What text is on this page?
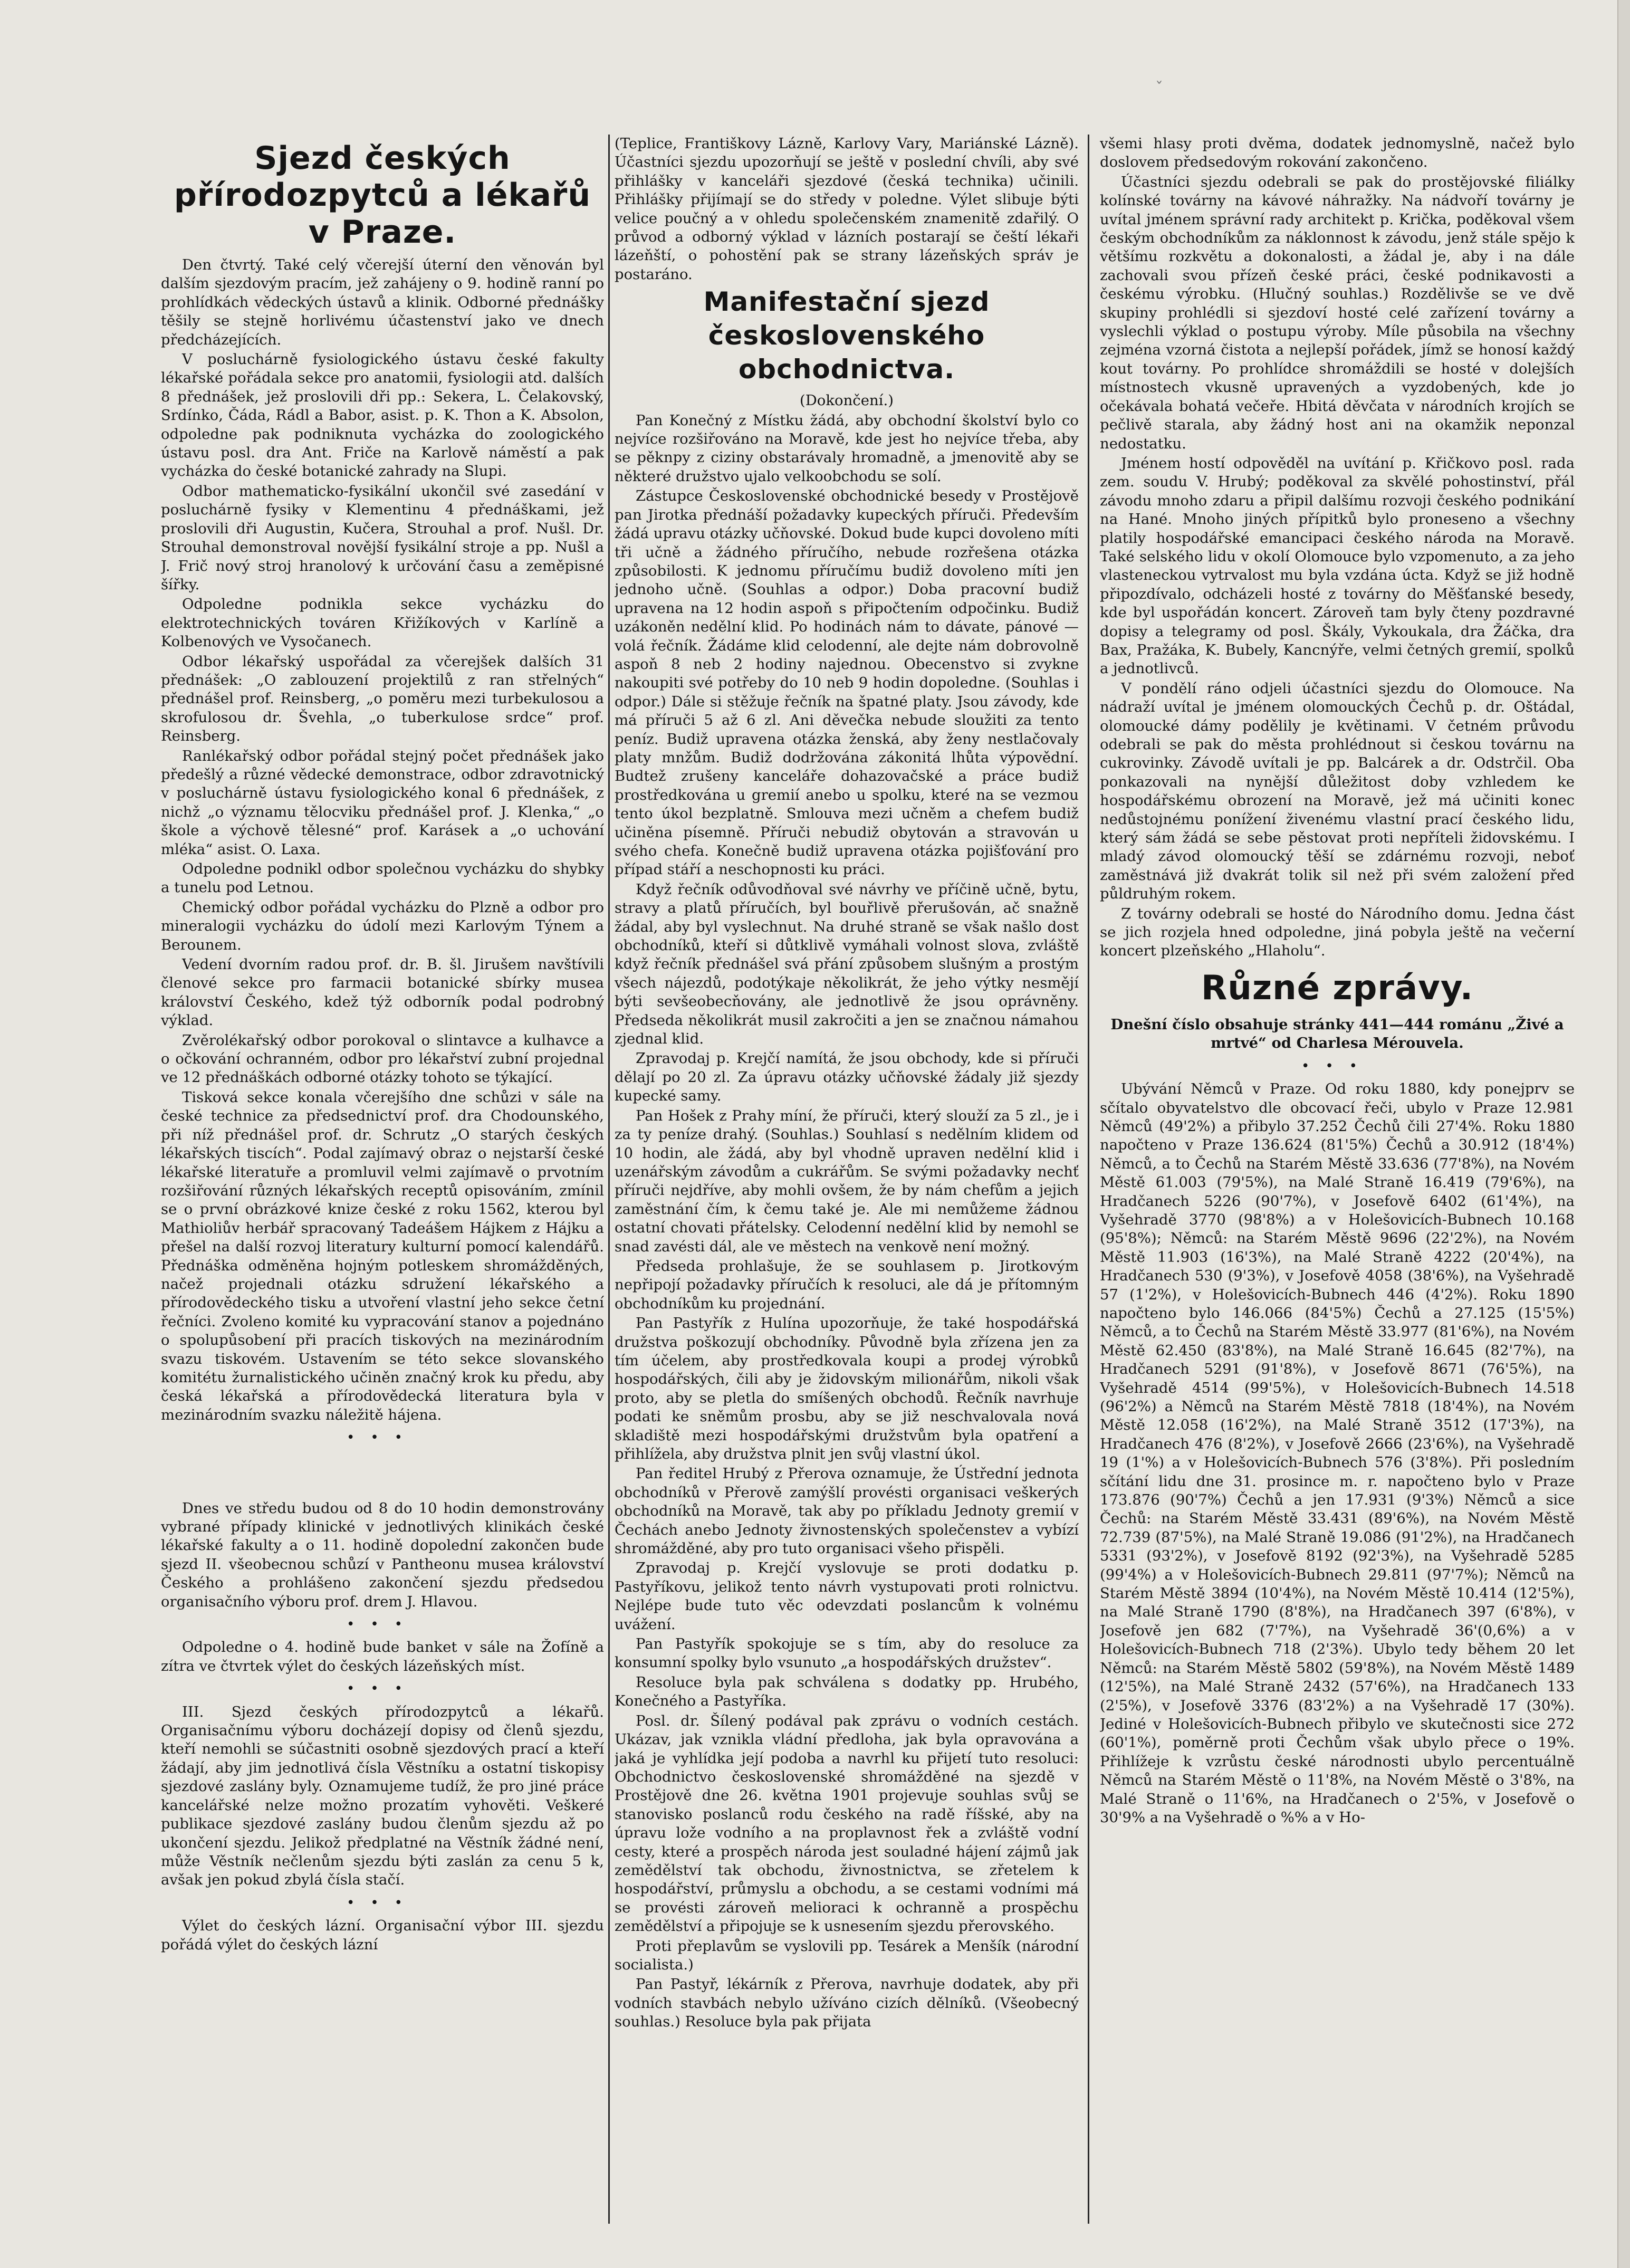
ˇ
Sjezd českých přírodozpytců a lékařů v Praze.

Den čtvrtý. Také celý včerejší úterní den věnován byl dalším sjezdovým pracím, jež zahájeny o 9. hodině ranní po prohlídkách vědeckých ústavů a klinik. Odborné přednášky těšily se stejně horlivému účastenství jako ve dnech předcházejících.

V posluchárně fysiologického ústavu české fakulty lékařské pořádala sekce pro anatomii, fysiologii atd. dalších 8 přednášek, jež proslovili dři pp.: Sekera, L. Čelakovský, Srdínko, Čáda, Rádl a Babor, asist. p. K. Thon a K. Absolon, odpoledne pak podniknuta vycházka do zoologického ústavu posl. dra Ant. Friče na Karlově náměstí a pak vycházka do české botanické zahrady na Slupi.

Odbor mathematicko-fysikální ukončil své zasedání v posluchárně fysiky v Klementinu 4 přednáškami, jež proslovili dři Augustin, Kučera, Strouhal a prof. Nušl. Dr. Strouhal demonstroval novější fysikální stroje a pp. Nušl a J. Frič nový stroj hranolový k určování času a zeměpisné šířky.

Odpoledne podnikla sekce vycházku do elektrotechnických továren Křižíkových v Karlíně a Kolbenových ve Vysočanech.

Odbor lékařský uspořádal za včerejšek dalších 31 přednášek: „O zablouzení projektilů z ran střelných“ přednášel prof. Reinsberg, „o poměru mezi turbekulosou a skrofulosou dr. Švehla, „o tuberkulose srdce“ prof. Reinsberg.

Ranlékařský odbor pořádal stejný počet přednášek jako předešlý a různé vědecké demonstrace, odbor zdravotnický v posluchárně ústavu fysiologického konal 6 přednášek, z nichž „o významu tělocviku přednášel prof. J. Klenka,“ „o škole a výchově tělesné“ prof. Karásek a „o uchování mléka“ asist. O. Laxa.

Odpoledne podnikl odbor společnou vycházku do shybky a tunelu pod Letnou.

Chemický odbor pořádal vycházku do Plzně a odbor pro mineralogii vycházku do údolí mezi Karlovým Týnem a Berounem.

Vedení dvorním radou prof. dr. B. šl. Jirušem navštívili členové sekce pro farmacii botanické sbírky musea království Českého, kdež týž odborník podal podrobný výklad.

Zvěrolékařský odbor porokoval o slintavce a kulhavce a o očkování ochranném, odbor pro lékařství zubní projednal ve 12 přednáškách odborné otázky tohoto se týkající.

Tisková sekce konala včerejšího dne schůzi v sále na české technice za předsednictví prof. dra Chodounského, při níž přednášel prof. dr. Schrutz „O starých českých lékařských tiscích“. Podal zajímavý obraz o nejstarší české lékařské literatuře a promluvil velmi zajímavě o prvotním rozšiřování různých lékařských receptů opisováním, zmínil se o první obrázkové knize české z roku 1562, kterou byl Mathioliův herbář spracovaný Tadeášem Hájkem z Hájku a přešel na další rozvoj literatury kulturní pomocí kalendářů. Přednáška odměněna hojným potleskem shromážděných, načež projednali otázku sdružení lékařského a přírodovědeckého tisku a utvoření vlastní jeho sekce četní řečníci. Zvoleno komité ku vypracování stanov a pojednáno o spolupůsobení při pracích tiskových na mezinárodním svazu tiskovém. Ustavením se této sekce slovanského komitétu žurnalistického učiněn značný krok ku předu, aby česká lékařská a přírodovědecká literatura byla v mezinárodním svazku náležitě hájena.

•••

Dnes ve středu budou od 8 do 10 hodin demonstrovány vybrané případy klinické v jednotlivých klinikách české lékařské fakulty a o 11. hodině dopolední zakončen bude sjezd II. všeobecnou schůzí v Pantheonu musea království Českého a prohlášeno zakončení sjezdu předsedou organisačního výboru prof. drem J. Hlavou.

•••

Odpoledne o 4. hodině bude banket v sále na Žofíně a zítra ve čtvrtek výlet do českých lázeňských míst.

•••

III. Sjezd českých přírodozpytců a lékařů. Organisačnímu výboru docházejí dopisy od členů sjezdu, kteří nemohli se súčastniti osobně sjezdových prací a kteří žádají, aby jim jednotlivá čísla Věstníku a ostatní tiskopisy sjezdové zaslány byly. Oznamujeme tudíž, že pro jiné práce kancelářské nelze možno prozatím vyhověti. Veškeré publikace sjezdové zaslány budou členům sjezdu až po ukončení sjezdu. Jelikož předplatné na Věstník žádné není, může Věstník nečlenům sjezdu býti zaslán za cenu 5 k, avšak jen pokud zbylá čísla stačí.

•••

Výlet do českých lázní. Organisační výbor III. sjezdu pořádá výlet do českých lázní

(Teplice, Františkovy Lázně, Karlovy Vary, Mariánské Lázně). Účastníci sjezdu upozorňují se ještě v poslední chvíli, aby své přihlášky v kanceláři sjezdové (česká technika) učinili. Přihlášky přijímají se do středy v poledne. Výlet slibuje býti velice poučný a v ohledu společenském znamenitě zdařilý. O průvod a odborný výklad v lázních postarají se čeští lékaři lázeňští, o pohostění pak se strany lázeňských správ je postaráno.

Manifestační sjezd československého obchodnictva.

(Dokončení.)

Pan Konečný z Místku žádá, aby obchodní školství bylo co nejvíce rozšiřováno na Moravě, kde jest ho nejvíce třeba, aby se pěknpy z ciziny obstarávaly hromadně, a jmenovitě aby se některé družstvo ujalo velkoobchodu se solí.

Zástupce Československé obchodnické besedy v Prostějově pan Jirotka přednáší požadavky kupeckých příruči. Především žádá upravu otázky učňovské. Dokud bude kupci dovoleno míti tři učně a žádného příručího, nebude rozřešena otázka způsobilosti. K jednomu příručímu budiž dovoleno míti jen jednoho učně. (Souhlas a odpor.) Doba pracovní budiž upravena na 12 hodin aspoň s připočtením odpočinku. Budiž uzákoněn nedělní klid. Po hodinách nám to dávate, pánové — volá řečník. Žádáme klid celodenní, ale dejte nám dobrovolně aspoň 8 neb 2 hodiny najednou. Obecenstvo si zvykne nakoupiti své potřeby do 10 neb 9 hodin dopoledne. (Souhlas i odpor.) Dále si stěžuje řečník na špatné platy. Jsou závody, kde má příruči 5 až 6 zl. Ani děvečka nebude sloužiti za tento peníz. Budiž upravena otázka ženská, aby ženy nestlačovaly platy mnžům. Budiž dodržována zákonitá lhůta výpovědní. Budtež zrušeny kanceláře dohazovačské a práce budiž prostředkována u gremií anebo u spolku, které na se vezmou tento úkol bezplatně. Smlouva mezi učněm a chefem budiž učiněna písemně. Příruči nebudiž obytován a stravován u svého chefa. Konečně budiž upravena otázka pojišťování pro případ stáří a neschopnosti ku práci.

Když řečník odůvodňoval své návrhy ve příčině učně, bytu, stravy a platů příručích, byl bouřlivě přerušován, ač snažně žádal, aby byl vyslechnut. Na druhé straně se však našlo dost obchodníků, kteří si důtklivě vymáhali volnost slova, zvláště když řečník přednášel svá přání způsobem slušným a prostým všech nájezdů, podotýkaje několikrát, že jeho výtky nesmějí býti sevšeobecňovány, ale jednotlivě že jsou oprávněny. Předseda několikrát musil zakročiti a jen se značnou námahou zjednal klid.

Zpravodaj p. Krejčí namítá, že jsou obchody, kde si příruči dělají po 20 zl. Za úpravu otázky učňovské žádaly již sjezdy kupecké samy.

Pan Hošek z Prahy míní, že příruči, který slouží za 5 zl., je i za ty peníze drahý. (Souhlas.) Souhlasí s nedělním klidem od 10 hodin, ale žádá, aby byl vhodně upraven nedělní klid i uzenářským závodům a cukrářům. Se svými požadavky nechť příruči nejdříve, aby mohli ovšem, že by nám chefům a jejich zaměstnání čím, k čemu také je. Ale mi nemůžeme žádnou ostatní chovati přátelsky. Celodenní nedělní klid by nemohl se snad zavésti dál, ale ve městech na venkově není možný.

Předseda prohlašuje, že se souhlasem p. Jirotkovým nepřipojí požadavky příručích k resoluci, ale dá je přítomným obchodníkům ku projednání.

Pan Pastyřík z Hulína upozorňuje, že také hospodářská družstva poškozují obchodníky. Původně byla zřízena jen za tím účelem, aby prostředkovala koupi a prodej výrobků hospodářských, čili aby je židovským milionářům, nikoli však proto, aby se pletla do smíšených obchodů. Řečník navrhuje podati ke sněmům prosbu, aby se již neschvalovala nová skladiště mezi hospodářskými družstvům byla opatření a přihlížela, aby družstva plnit jen svůj vlastní úkol.

Pan ředitel Hrubý z Přerova oznamuje, že Ústřední jednota obchodníků v Přerově zamýšlí provésti organisaci veškerých obchodníků na Moravě, tak aby po příkladu Jednoty gremií v Čechách anebo Jednoty živnostenských společenstev a vybízí shromážděné, aby pro tuto organisaci všeho přispěli.

Zpravodaj p. Krejčí vyslovuje se proti dodatku p. Pastyříkovu, jelikož tento návrh vystupovati proti rolnictvu. Nejlépe bude tuto věc odevzdati poslancům k volnému uvážení.

Pan Pastyřík spokojuje se s tím, aby do resoluce za konsumní spolky bylo vsunuto „a hospodářských družstev“.

Resoluce byla pak schválena s dodatky pp. Hrubého, Konečného a Pastyříka.

Posl. dr. Šílený podával pak zprávu o vodních cestách. Ukázav, jak vznikla vládní předloha, jak byla opravována a jaká je vyhlídka její podoba a navrhl ku přijetí tuto resoluci: Obchodnictvo československé shromážděné na sjezdě v Prostějově dne 26. května 1901 projevuje souhlas svůj se stanovisko poslanců rodu českého na radě říšské, aby na úpravu lože vodního a na proplavnost řek a zvláště vodní cesty, které a prospěch národa jest souladné hájení zájmů jak zemědělství tak obchodu, živnostnictva, se zřetelem k hospodářství, průmyslu a obchodu, a se cestami vodními má se provésti zároveň melioraci k ochranně a prospěchu zemědělství a připojuje se k usnesením sjezdu přerovského.

Proti přeplavům se vyslovili pp. Tesárek a Menšík (národní socialista.)

Pan Pastyř, lékárník z Přerova, navrhuje dodatek, aby při vodních stavbách nebylo užíváno cizích dělníků. (Všeobecný souhlas.) Resoluce byla pak přijata

všemi hlasy proti dvěma, dodatek jednomyslně, načež bylo doslovem předsedovým rokování zakončeno.

Účastníci sjezdu odebrali se pak do prostějovské filiálky kolínské továrny na kávové náhražky. Na nádvoří továrny je uvítal jménem správní rady architekt p. Krička, poděkoval všem českým obchodníkům za náklonnost k závodu, jenž stále spějo k většímu rozkvětu a dokonalosti, a žádal je, aby i na dále zachovali svou přízeň české práci, české podnikavosti a českému výrobku. (Hlučný souhlas.) Rozdělivše se ve dvě skupiny prohlédli si sjezdoví hosté celé zařízení továrny a vyslechli výklad o postupu výroby. Míle působila na všechny zejména vzorná čistota a nejlepší pořádek, jímž se honosí každý kout továrny. Po prohlídce shromáždili se hosté v dolejších místnostech vkusně upravených a vyzdobených, kde jo očekávala bohatá večeře. Hbitá děvčata v národních krojích se pečlivě starala, aby žádný host ani na okamžik neponzal nedostatku.

Jménem hostí odpověděl na uvítání p. Křičkovo posl. rada zem. soudu V. Hrubý; poděkoval za skvělé pohostinství, přál závodu mnoho zdaru a připil dalšímu rozvoji českého podnikání na Hané. Mnoho jiných přípitků bylo proneseno a všechny platily hospodářské emancipaci českého národa na Moravě. Také selského lidu v okolí Olomouce bylo vzpomenuto, a za jeho vlasteneckou vytrvalost mu byla vzdána úcta. Když se již hodně připozdívalo, odcházeli hosté z továrny do Měšťanské besedy, kde byl uspořádán koncert. Zároveň tam byly čteny pozdravné dopisy a telegramy od posl. Škály, Vykoukala, dra Žáčka, dra Bax, Pražáka, K. Bubely, Kancnýře, velmi četných gremií, spolků a jednotlivců.

V pondělí ráno odjeli účastníci sjezdu do Olomouce. Na nádraží uvítal je jménem olomouckých Čechů p. dr. Oštádal, olomoucké dámy podělily je květinami. V četném průvodu odebrali se pak do města prohlédnout si českou továrnu na cukrovinky. Závodě uvítali je pp. Balcárek a dr. Odstrčil. Oba ponkazovali na nynější důležitost doby vzhledem ke hospodářskému obrození na Moravě, jež má učiniti konec nedůstojnému ponížení živenému vlastní prací českého lidu, který sám žádá se sebe pěstovat proti nepříteli židovskému. I mladý závod olomoucký těší se zdárnému rozvoji, neboť zaměstnává již dvakrát tolik sil než při svém založení před půldruhým rokem.

Z továrny odebrali se hosté do Národního domu. Jedna část se jich rozjela hned odpoledne, jiná pobyla ještě na večerní koncert plzeňského „Hlaholu“.

Různé zprávy.

Dnešní číslo obsahuje stránky 441—444 románu „Živé a mrtvé“ od Charlesa Mérouvela.

•••

Ubývání Němců v Praze. Od roku 1880, kdy ponejprv se sčítalo obyvatelstvo dle obcovací řeči, ubylo v Praze 12.981 Němců (49'2%) a přibylo 37.252 Čechů čili 27'4%. Roku 1880 napočteno v Praze 136.624 (81'5%) Čechů a 30.912 (18'4%) Němců, a to Čechů na Starém Městě 33.636 (77'8%), na Novém Městě 61.003 (79'5%), na Malé Straně 16.419 (79'6%), na Hradčanech 5226 (90'7%), v Josefově 6402 (61'4%), na Vyšehradě 3770 (98'8%) a v Holešovicích-Bubnech 10.168 (95'8%); Němců: na Starém Městě 9696 (22'2%), na Novém Městě 11.903 (16'3%), na Malé Straně 4222 (20'4%), na Hradčanech 530 (9'3%), v Josefově 4058 (38'6%), na Vyšehradě 57 (1'2%), v Holešovicích-Bubnech 446 (4'2%). Roku 1890 napočteno bylo 146.066 (84'5%) Čechů a 27.125 (15'5%) Němců, a to Čechů na Starém Městě 33.977 (81'6%), na Novém Městě 62.450 (83'8%), na Malé Straně 16.645 (82'7%), na Hradčanech 5291 (91'8%), v Josefově 8671 (76'5%), na Vyšehradě 4514 (99'5%), v Holešovicích-Bubnech 14.518 (96'2%) a Němců na Starém Městě 7818 (18'4%), na Novém Městě 12.058 (16'2%), na Malé Straně 3512 (17'3%), na Hradčanech 476 (8'2%), v Josefově 2666 (23'6%), na Vyšehradě 19 (1'%) a v Holešovicích-Bubnech 576 (3'8%). Při posledním sčítání lidu dne 31. prosince m. r. napočteno bylo v Praze 173.876 (90'7%) Čechů a jen 17.931 (9'3%) Němců a sice Čechů: na Starém Městě 33.431 (89'6%), na Novém Městě 72.739 (87'5%), na Malé Straně 19.086 (91'2%), na Hradčanech 5331 (93'2%), v Josefově 8192 (92'3%), na Vyšehradě 5285 (99'4%) a v Holešovicích-Bubnech 29.811 (97'7%); Němců na Starém Městě 3894 (10'4%), na Novém Městě 10.414 (12'5%), na Malé Straně 1790 (8'8%), na Hradčanech 397 (6'8%), v Josefově jen 682 (7'7%), na Vyšehradě 36'(0,6%) a v Holešovicích-Bubnech 718 (2'3%). Ubylo tedy během 20 let Němců: na Starém Městě 5802 (59'8%), na Novém Městě 1489 (12'5%), na Malé Straně 2432 (57'6%), na Hradčanech 133 (2'5%), v Josefově 3376 (83'2%) a na Vyšehradě 17 (30%). Jediné v Holešovicích-Bubnech přibylo ve skutečnosti sice 272 (60'1%), poměrně proti Čechům však ubylo přece o 19%. Přihlížeje k vzrůstu české národnosti ubylo percentuálně Němců na Starém Městě o 11'8%, na Novém Městě o 3'8%, na Malé Straně o 11'6%, na Hradčanech o 2'5%, v Josefově o 30'9% a na Vyšehradě o %% a v Ho-
